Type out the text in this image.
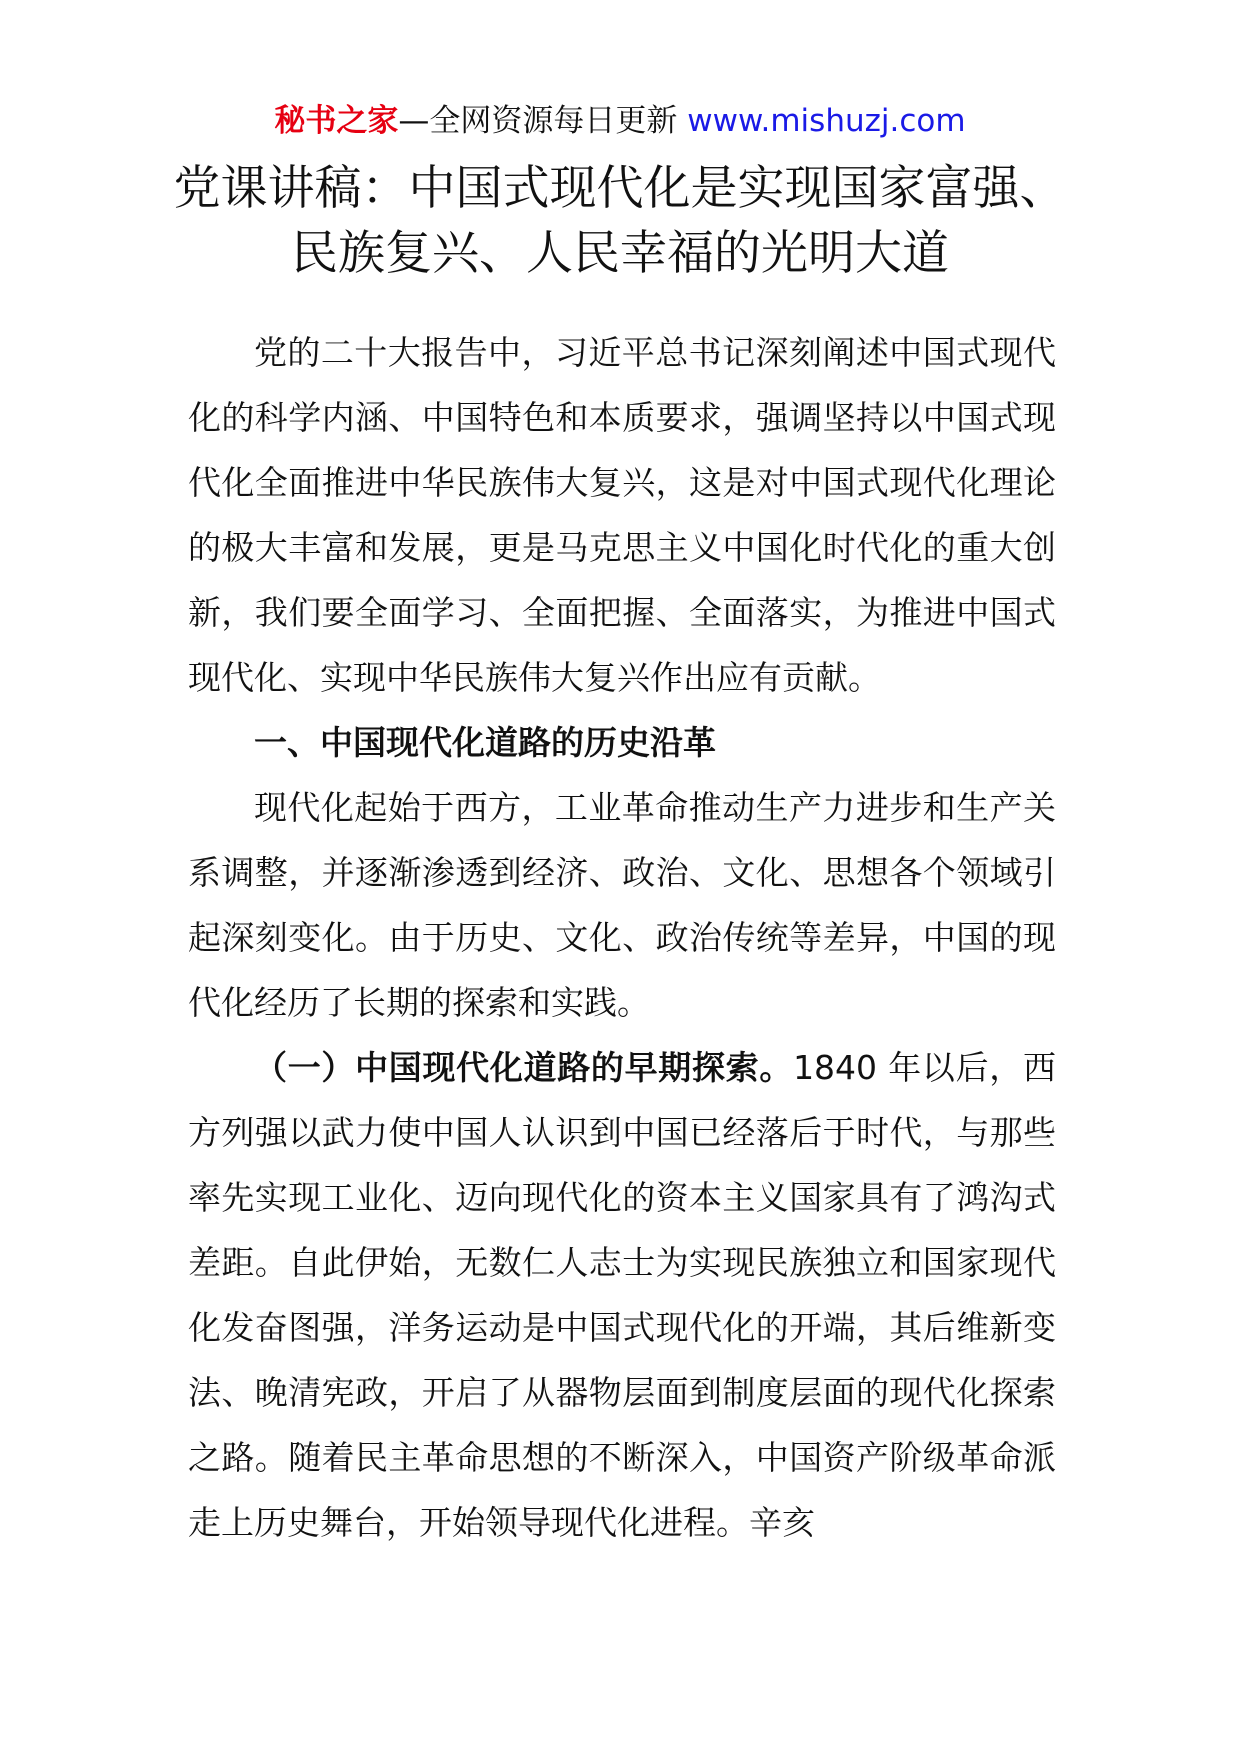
秘书之家—全网资源每日更新 www.mishuzj.com
党课讲稿：中国式现代化是实现国家富强、
民族复兴、人民幸福的光明大道

党的二十大报告中，习近平总书记深刻阐述中国式现代化的科学内涵、中国特色和本质要求，强调坚持以中国式现代化全面推进中华民族伟大复兴，这是对中国式现代化理论的极大丰富和发展，更是马克思主义中国化时代化的重大创新，我们要全面学习、全面把握、全面落实，为推进中国式现代化、实现中华民族伟大复兴作出应有贡献。

一、中国现代化道路的历史沿革

现代化起始于西方，工业革命推动生产力进步和生产关系调整，并逐渐渗透到经济、政治、文化、思想各个领域引起深刻变化。由于历史、文化、政治传统等差异，中国的现代化经历了长期的探索和实践。

（一）中国现代化道路的早期探索。1840 年以后，西方列强以武力使中国人认识到中国已经落后于时代，与那些率先实现工业化、迈向现代化的资本主义国家具有了鸿沟式差距。自此伊始，无数仁人志士为实现民族独立和国家现代化发奋图强，洋务运动是中国式现代化的开端，其后维新变法、晚清宪政，开启了从器物层面到制度层面的现代化探索之路。随着民主革命思想的不断深入，中国资产阶级革命派走上历史舞台，开始领导现代化进程。辛亥
